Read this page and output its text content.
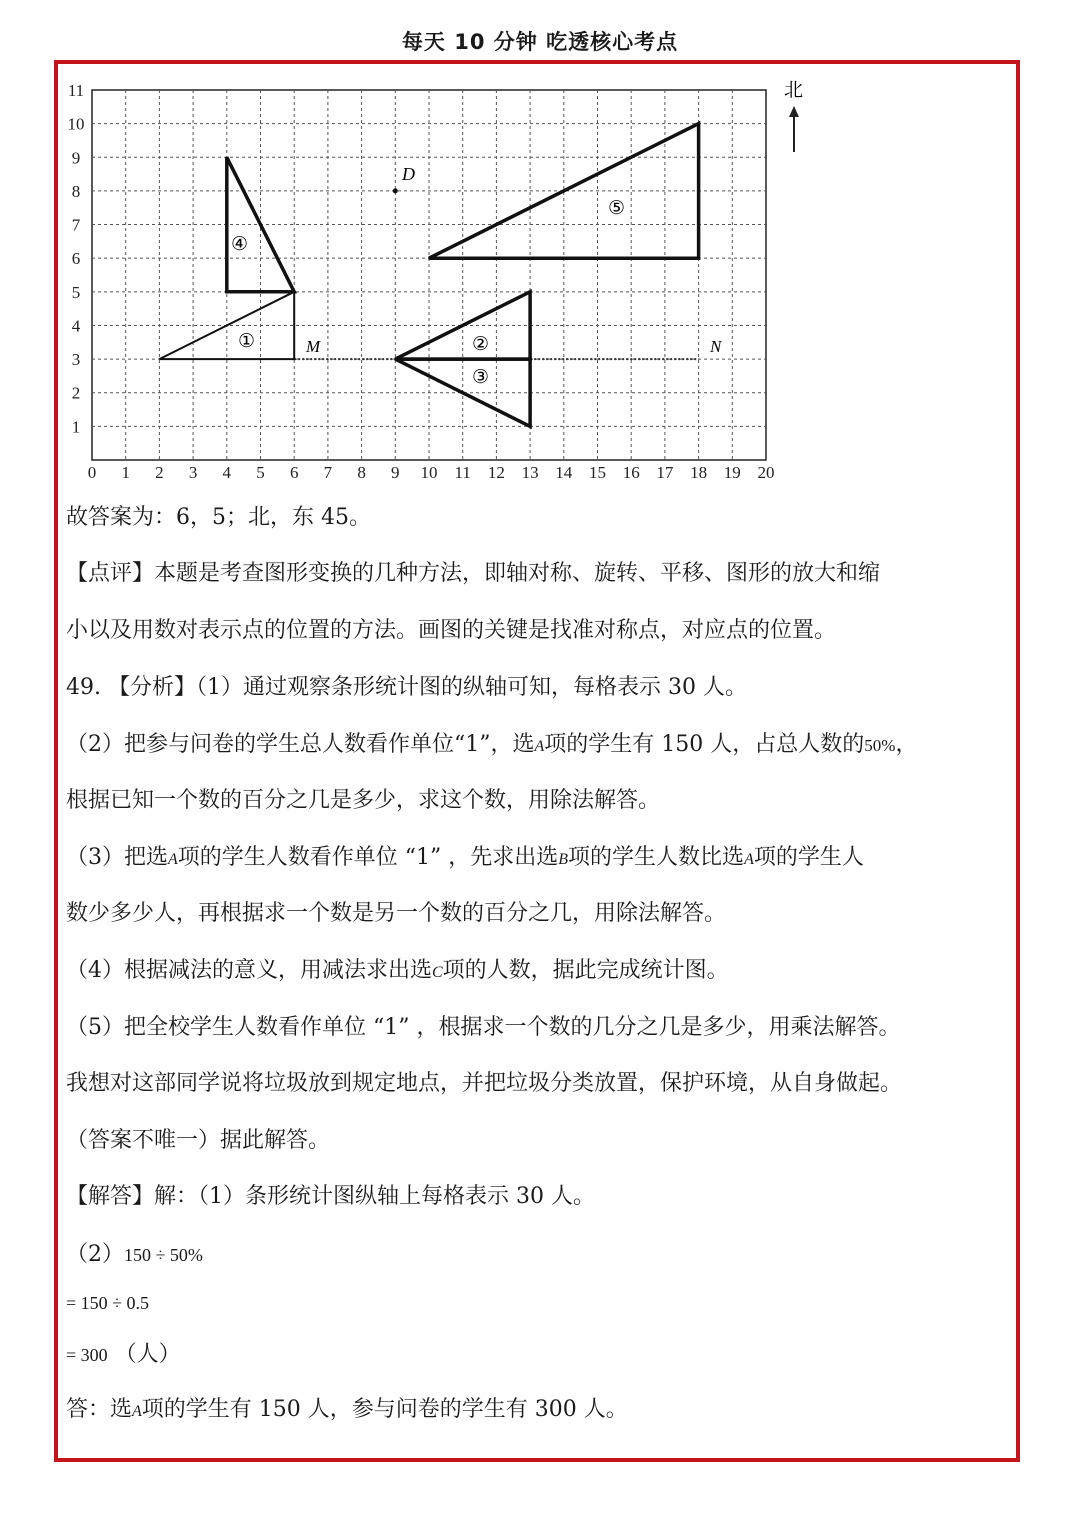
每天 10 分钟 吃透核心考点
0 1 2 3 4 5 6 7 8 9 10 11 12 13 14 15 16 17 18 19 20
1
2
3
4
5
6
7
8
9
10
11
D
M	N
①	②
③
④
⑤
北
故答案为：6，5；北，东 45。
【点评】本题是考查图形变换的几种方法，即轴对称、旋转、平移、图形的放大和缩
小以及用数对表示点的位置的方法。画图的关键是找准对称点，对应点的位置。
49. 【分析】（1）通过观察条形统计图的纵轴可知，每格表示 30 人。
（2）把参与问卷的学生总人数看作单位“1”，选A项的学生有 150 人，占总人数的50%，
根据已知一个数的百分之几是多少，求这个数，用除法解答。
（3）把选A项的学生人数看作单位 “1” ，先求出选B项的学生人数比选A项的学生人
数少多少人，再根据求一个数是另一个数的百分之几，用除法解答。
（4）根据减法的意义，用减法求出选C项的人数，据此完成统计图。
（5）把全校学生人数看作单位 “1” ，根据求一个数的几分之几是多少，用乘法解答。
我想对这部同学说将垃圾放到规定地点，并把垃圾分类放置，保护环境，从自身做起。
（答案不唯一）据此解答。
【解答】解：（1）条形统计图纵轴上每格表示 30 人。
（2）150 ÷ 50%
= 150 ÷ 0.5
= 300 （人）
答：选A项的学生有 150 人，参与问卷的学生有 300 人。
